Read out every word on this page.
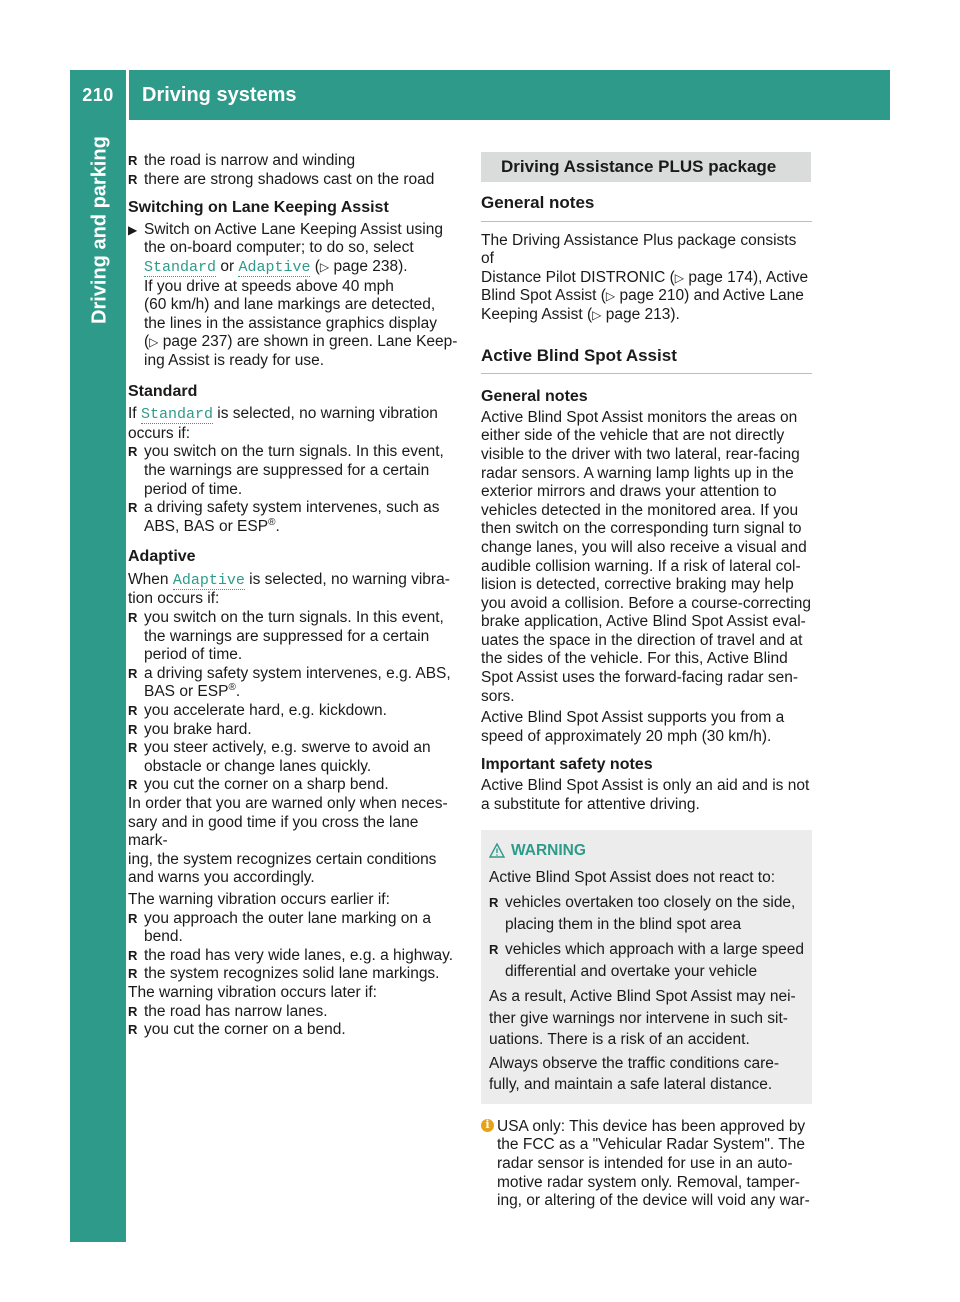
210	Driving systems
Driving and parking

R	the road is narrow and winding

R there are strong shadows cast on the road

Switching on Lane Keeping Assist

▶ Switch on Active Lane Keeping Assist using

the on-board computer; to do so, select

Standard or Adaptive (▷ page 238).

If you drive at speeds above 40 mph

(60 km/h) and lane markings are detected,

the lines in the assistance graphics display

(▷ page 237) are shown in green. Lane Keep-

ing Assist is ready for use.

Standard

If Standard is selected, no warning vibration

occurs if:

R you switch on the turn signals. In this event,

the warnings are suppressed for a certain

period of time.

R a driving safety system intervenes, such as

ABS, BAS or ESP®.

Adaptive

When Adaptive is selected, no warning vibra-

tion occurs if:

R you switch on the turn signals. In this event,

the warnings are suppressed for a certain

period of time.

R a driving safety system intervenes, e.g. ABS,

BAS or ESP®.

R you accelerate hard, e.g. kickdown.

R you brake hard.

R you steer actively, e.g. swerve to avoid an

obstacle or change lanes quickly.

R you cut the corner on a sharp bend.

In order that you are warned only when neces-

sary and in good time if you cross the lane mark-

ing, the system recognizes certain conditions

and warns you accordingly.

The warning vibration occurs earlier if:

R you approach the outer lane marking on a

bend.

R the road has very wide lanes, e.g. a highway.

R the system recognizes solid lane markings.

The warning vibration occurs later if:

R the road has narrow lanes.

R you cut the corner on a bend.

Driving Assistance PLUS package

General notes

The Driving Assistance Plus package consists of

Distance Pilot DISTRONIC (▷ page 174), Active

Blind Spot Assist (▷ page 210) and Active Lane

Keeping Assist (▷ page 213).

Active Blind Spot Assist

General notes

Active Blind Spot Assist monitors the areas on

either side of the vehicle that are not directly

visible to the driver with two lateral, rear-facing

radar sensors. A warning lamp lights up in the

exterior mirrors and draws your attention to

vehicles detected in the monitored area. If you

then switch on the corresponding turn signal to

change lanes, you will also receive a visual and

audible collision warning. If a risk of lateral col-

lision is detected, corrective braking may help

you avoid a collision. Before a course-correcting

brake application, Active Blind Spot Assist eval-

uates the space in the direction of travel and at

the sides of the vehicle. For this, Active Blind

Spot Assist uses the forward-facing radar sen-

sors.

Active Blind Spot Assist supports you from a

speed of approximately 20 mph (30 km/h).

Important safety notes

Active Blind Spot Assist is only an aid and is not

a substitute for attentive driving.

WARNING

Active Blind Spot Assist does not react to:

R vehicles overtaken too closely on the side,

placing them in the blind spot area

R vehicles which approach with a large speed

differential and overtake your vehicle

As a result, Active Blind Spot Assist may nei-

ther give warnings nor intervene in such sit-

uations. There is a risk of an accident.

Always observe the traffic conditions care-

fully, and maintain a safe lateral distance.

i USA only: This device has been approved by

the FCC as a "Vehicular Radar System". The

radar sensor is intended for use in an auto-

motive radar system only. Removal, tamper-

ing, or altering of the device will void any war-
